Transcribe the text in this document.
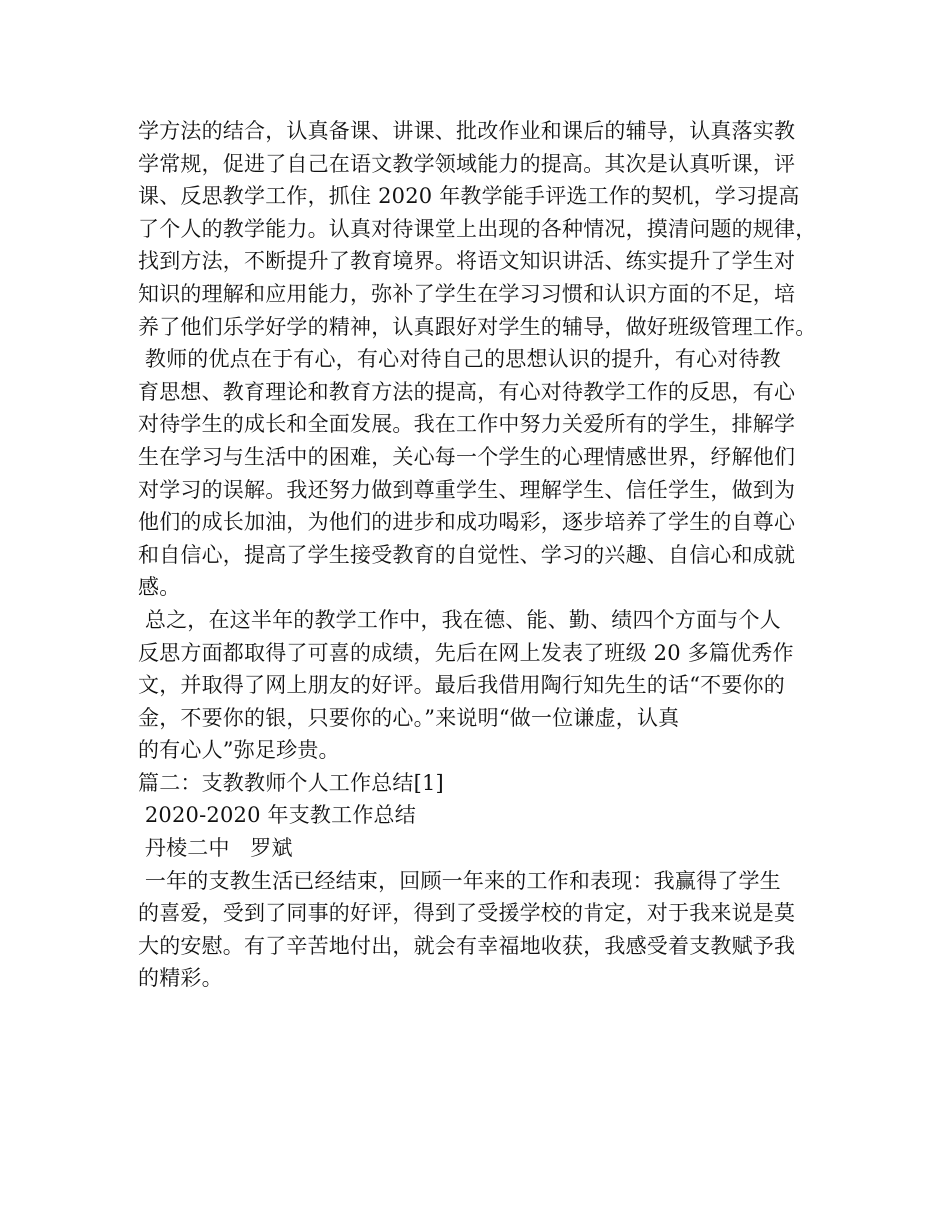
学方法的结合，认真备课、讲课、批改作业和课后的辅导，认真落实教
学常规，促进了自己在语文教学领域能力的提高。其次是认真听课，评
课、反思教学工作，抓住 2020 年教学能手评选工作的契机，学习提高
了个人的教学能力。认真对待课堂上出现的各种情况，摸清问题的规律，
找到方法，不断提升了教育境界。将语文知识讲活、练实提升了学生对
知识的理解和应用能力，弥补了学生在学习习惯和认识方面的不足，培
养了他们乐学好学的精神，认真跟好对学生的辅导，做好班级管理工作。
教师的优点在于有心，有心对待自己的思想认识的提升，有心对待教
育思想、教育理论和教育方法的提高，有心对待教学工作的反思，有心
对待学生的成长和全面发展。我在工作中努力关爱所有的学生，排解学
生在学习与生活中的困难，关心每一个学生的心理情感世界，纾解他们
对学习的误解。我还努力做到尊重学生、理解学生、信任学生，做到为
他们的成长加油，为他们的进步和成功喝彩，逐步培养了学生的自尊心
和自信心，提高了学生接受教育的自觉性、学习的兴趣、自信心和成就
感。
总之，在这半年的教学工作中，我在德、能、勤、绩四个方面与个人
反思方面都取得了可喜的成绩，先后在网上发表了班级 20 多篇优秀作
文，并取得了网上朋友的好评。最后我借用陶行知先生的话“不要你的
金，不要你的银，只要你的心。”来说明“做一位谦虚，认真
的有心人”弥足珍贵。
篇二：支教教师个人工作总结[1]
2020-2020 年支教工作总结
丹棱二中   罗斌
一年的支教生活已经结束，回顾一年来的工作和表现：我赢得了学生
的喜爱，受到了同事的好评，得到了受援学校的肯定，对于我来说是莫
大的安慰。有了辛苦地付出，就会有幸福地收获，我感受着支教赋予我
的精彩。
